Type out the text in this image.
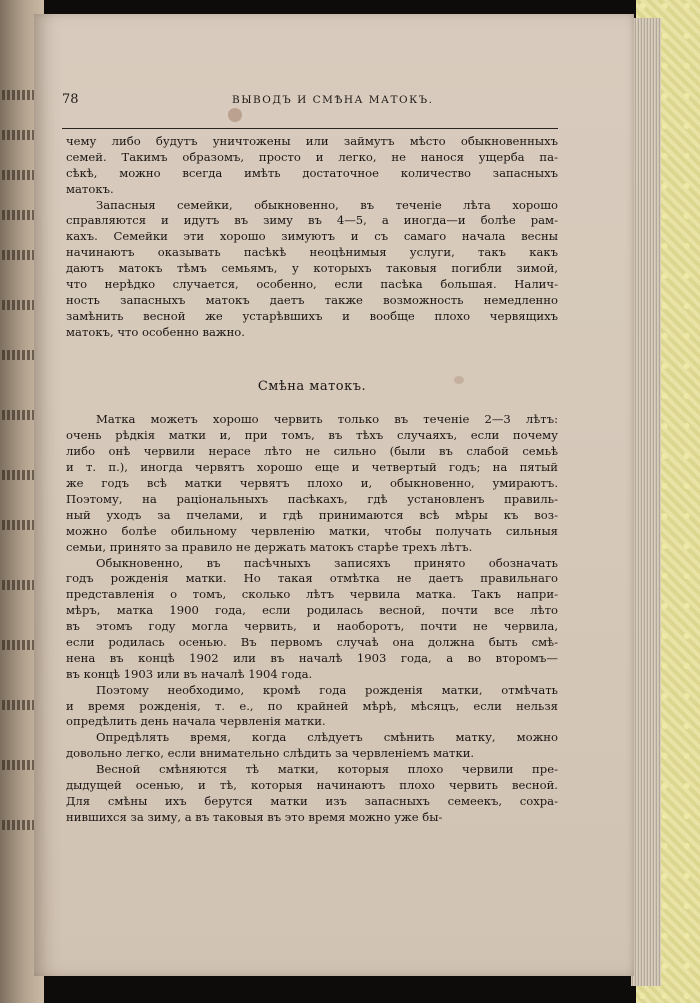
78	ВЫВОДЪ И СМѢНА МАТОКЪ.
чему либо будутъ уничтожены или займутъ мѣсто обыкновенныхъ
семей. Такимъ образомъ, просто и легко, не нанося ущерба па-
сѣкѣ, можно всегда имѣть достаточное количество запасныхъ
матокъ.
Запасныя семейки, обыкновенно, въ теченіе лѣта хорошо
справляются и идутъ въ зиму въ 4—5, а иногда—и болѣе рам-
кахъ. Семейки эти хорошо зимуютъ и съ самаго начала весны
начинаютъ оказывать пасѣкѣ неоцѣнимыя услуги, такъ какъ
даютъ матокъ тѣмъ семьямъ, у которыхъ таковыя погибли зимой,
что нерѣдко случается, особенно, если пасѣка большая. Налич-
ность запасныхъ матокъ даетъ также возможность немедленно
замѣнить весной же устарѣвшихъ и вообще плохо червящихъ
матокъ, что особенно важно.
Смѣна матокъ.
Матка можетъ хорошо червить только въ теченіе 2—3 лѣтъ:
очень рѣдкія матки и, при томъ, въ тѣхъ случаяхъ, если почему
либо онѣ червили нерасе лѣто не сильно (были въ слабой семьѣ
и т. п.), иногда червятъ хорошо еще и четвертый годъ; на пятый
же годъ всѣ матки червятъ плохо и, обыкновенно, умираютъ.
Поэтому, на раціональныхъ пасѣкахъ, гдѣ установленъ правиль-
ный уходъ за пчелами, и гдѣ принимаются всѣ мѣры къ воз-
можно болѣе обильному червленію матки, чтобы получать сильныя
семьи, принято за правило не держать матокъ старѣе трехъ лѣтъ.
Обыкновенно, въ пасѣчныхъ записяхъ принято обозначать
годъ рожденія матки. Но такая отмѣтка не даетъ правильнаго
представленія о томъ, сколько лѣтъ червила матка. Такъ напри-
мѣръ, матка 1900 года, если родилась весной, почти все лѣто
въ этомъ году могла червить, и наоборотъ, почти не червила,
если родилась осенью. Въ первомъ случаѣ она должна быть смѣ-
нена въ концѣ 1902 или въ началѣ 1903 года, а во второмъ—
въ концѣ 1903 или въ началѣ 1904 года.
Поэтому необходимо, кромѣ года рожденія матки, отмѣчать
и время рожденія, т. е., по крайней мѣрѣ, мѣсяцъ, если нельзя
опредѣлить день начала червленія матки.
Опредѣлять время, когда слѣдуетъ смѣнить матку, можно
довольно легко, если внимательно слѣдить за червленіемъ матки.
Весной смѣняются тѣ матки, которыя плохо червили пре-
дыдущей осенью, и тѣ, которыя начинаютъ плохо червить весной.
Для смѣны ихъ берутся матки изъ запасныхъ семеекъ, сохра-
нившихся за зиму, а въ таковыя въ это время можно уже бы-
